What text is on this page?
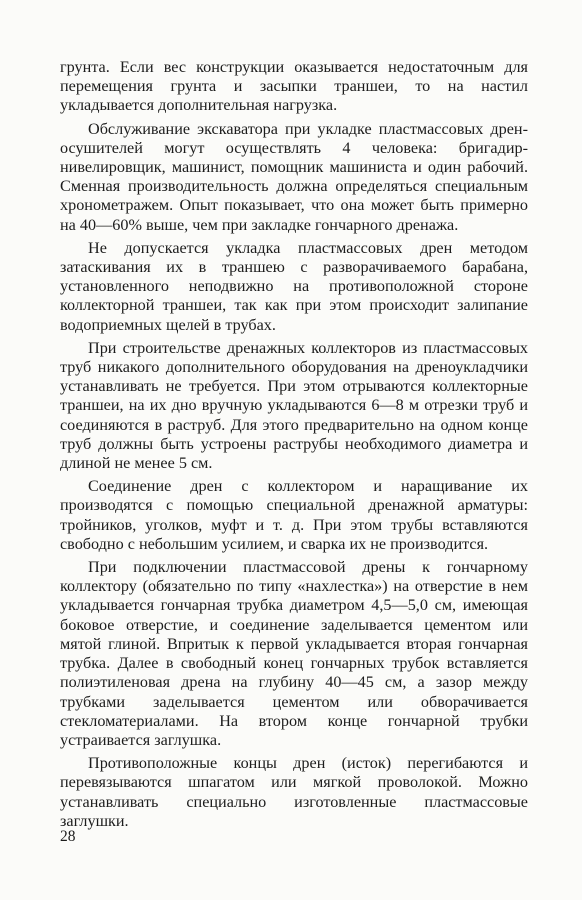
грунта. Если вес конструкции оказывается недостаточным для перемещения грунта и засыпки траншеи, то на настил укладывается дополнительная нагрузка.

Обслуживание экскаватора при укладке пластмассовых дрен-осушителей могут осуществлять 4 человека: бригадир-нивелировщик, машинист, помощник машиниста и один рабочий. Сменная производительность должна определяться специальным хронометражем. Опыт показывает, что она может быть примерно на 40—60% выше, чем при закладке гончарного дренажа.

Не допускается укладка пластмассовых дрен методом затаскивания их в траншею с разворачиваемого барабана, установленного неподвижно на противоположной стороне коллекторной траншеи, так как при этом происходит залипание водоприемных щелей в трубах.

При строительстве дренажных коллекторов из пластмассовых труб никакого дополнительного оборудования на дреноукладчики устанавливать не требуется. При этом отрываются коллекторные траншеи, на их дно вручную укладываются 6—8 м отрезки труб и соединяются в раструб. Для этого предварительно на одном конце труб должны быть устроены раструбы необходимого диаметра и длиной не менее 5 см.

Соединение дрен с коллектором и наращивание их производятся с помощью специальной дренажной арматуры: тройников, уголков, муфт и т. д. При этом трубы вставляются свободно с небольшим усилием, и сварка их не производится.

При подключении пластмассовой дрены к гончарному коллектору (обязательно по типу «нахлестка») на отверстие в нем укладывается гончарная трубка диаметром 4,5—5,0 см, имеющая боковое отверстие, и соединение заделывается цементом или мятой глиной. Впритык к первой укладывается вторая гончарная трубка. Далее в свободный конец гончарных трубок вставляется полиэтиленовая дрена на глубину 40—45 см, а зазор между трубками заделывается цементом или обворачивается стекломатериалами. На втором конце гончарной трубки устраивается заглушка.

Противоположные концы дрен (исток) перегибаются и перевязываются шпагатом или мягкой проволокой. Можно устанавливать специально изготовленные пластмассовые заглушки.

28
